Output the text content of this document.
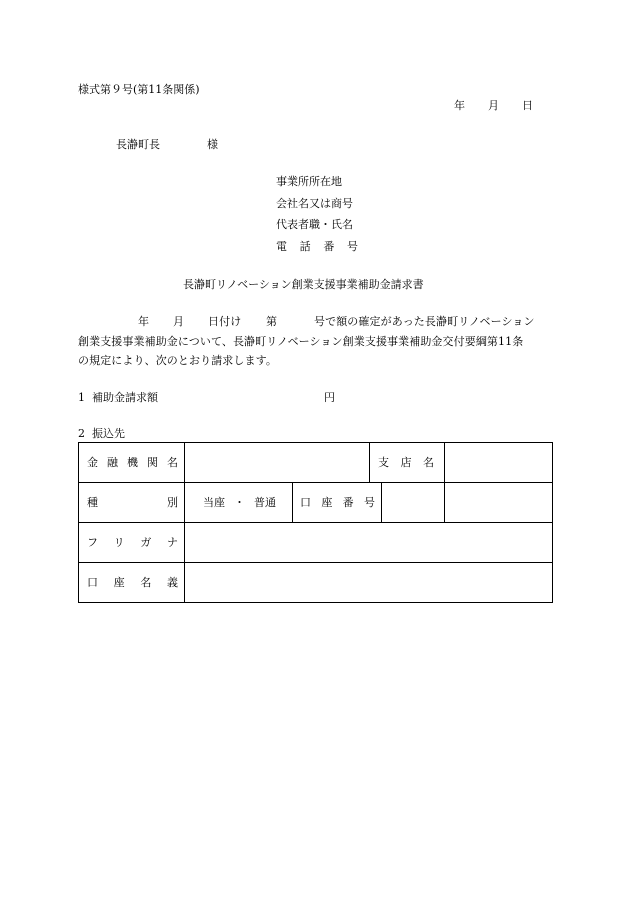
様式第９号(第11条関係)
年 月 日
長瀞町長	様
事業所所在地
会社名又は商号
代表者職・氏名
電 話 番 号
長瀞町リノベーション創業支援事業補助金請求書
年 月 日付け 第	号で額の確定があった長瀞町リノベーション
創業支援事業補助金について、長瀞町リノベーション創業支援事業補助金交付要綱第11条
の規定により、次のとおり請求します。
1  補助金請求額	円
2  振込先
金 融 機 関 名			支 店 名	

種 別	当座 ・ 普通	口 座 番 号		

フ リ ガ ナ				

口 座 名 義				
